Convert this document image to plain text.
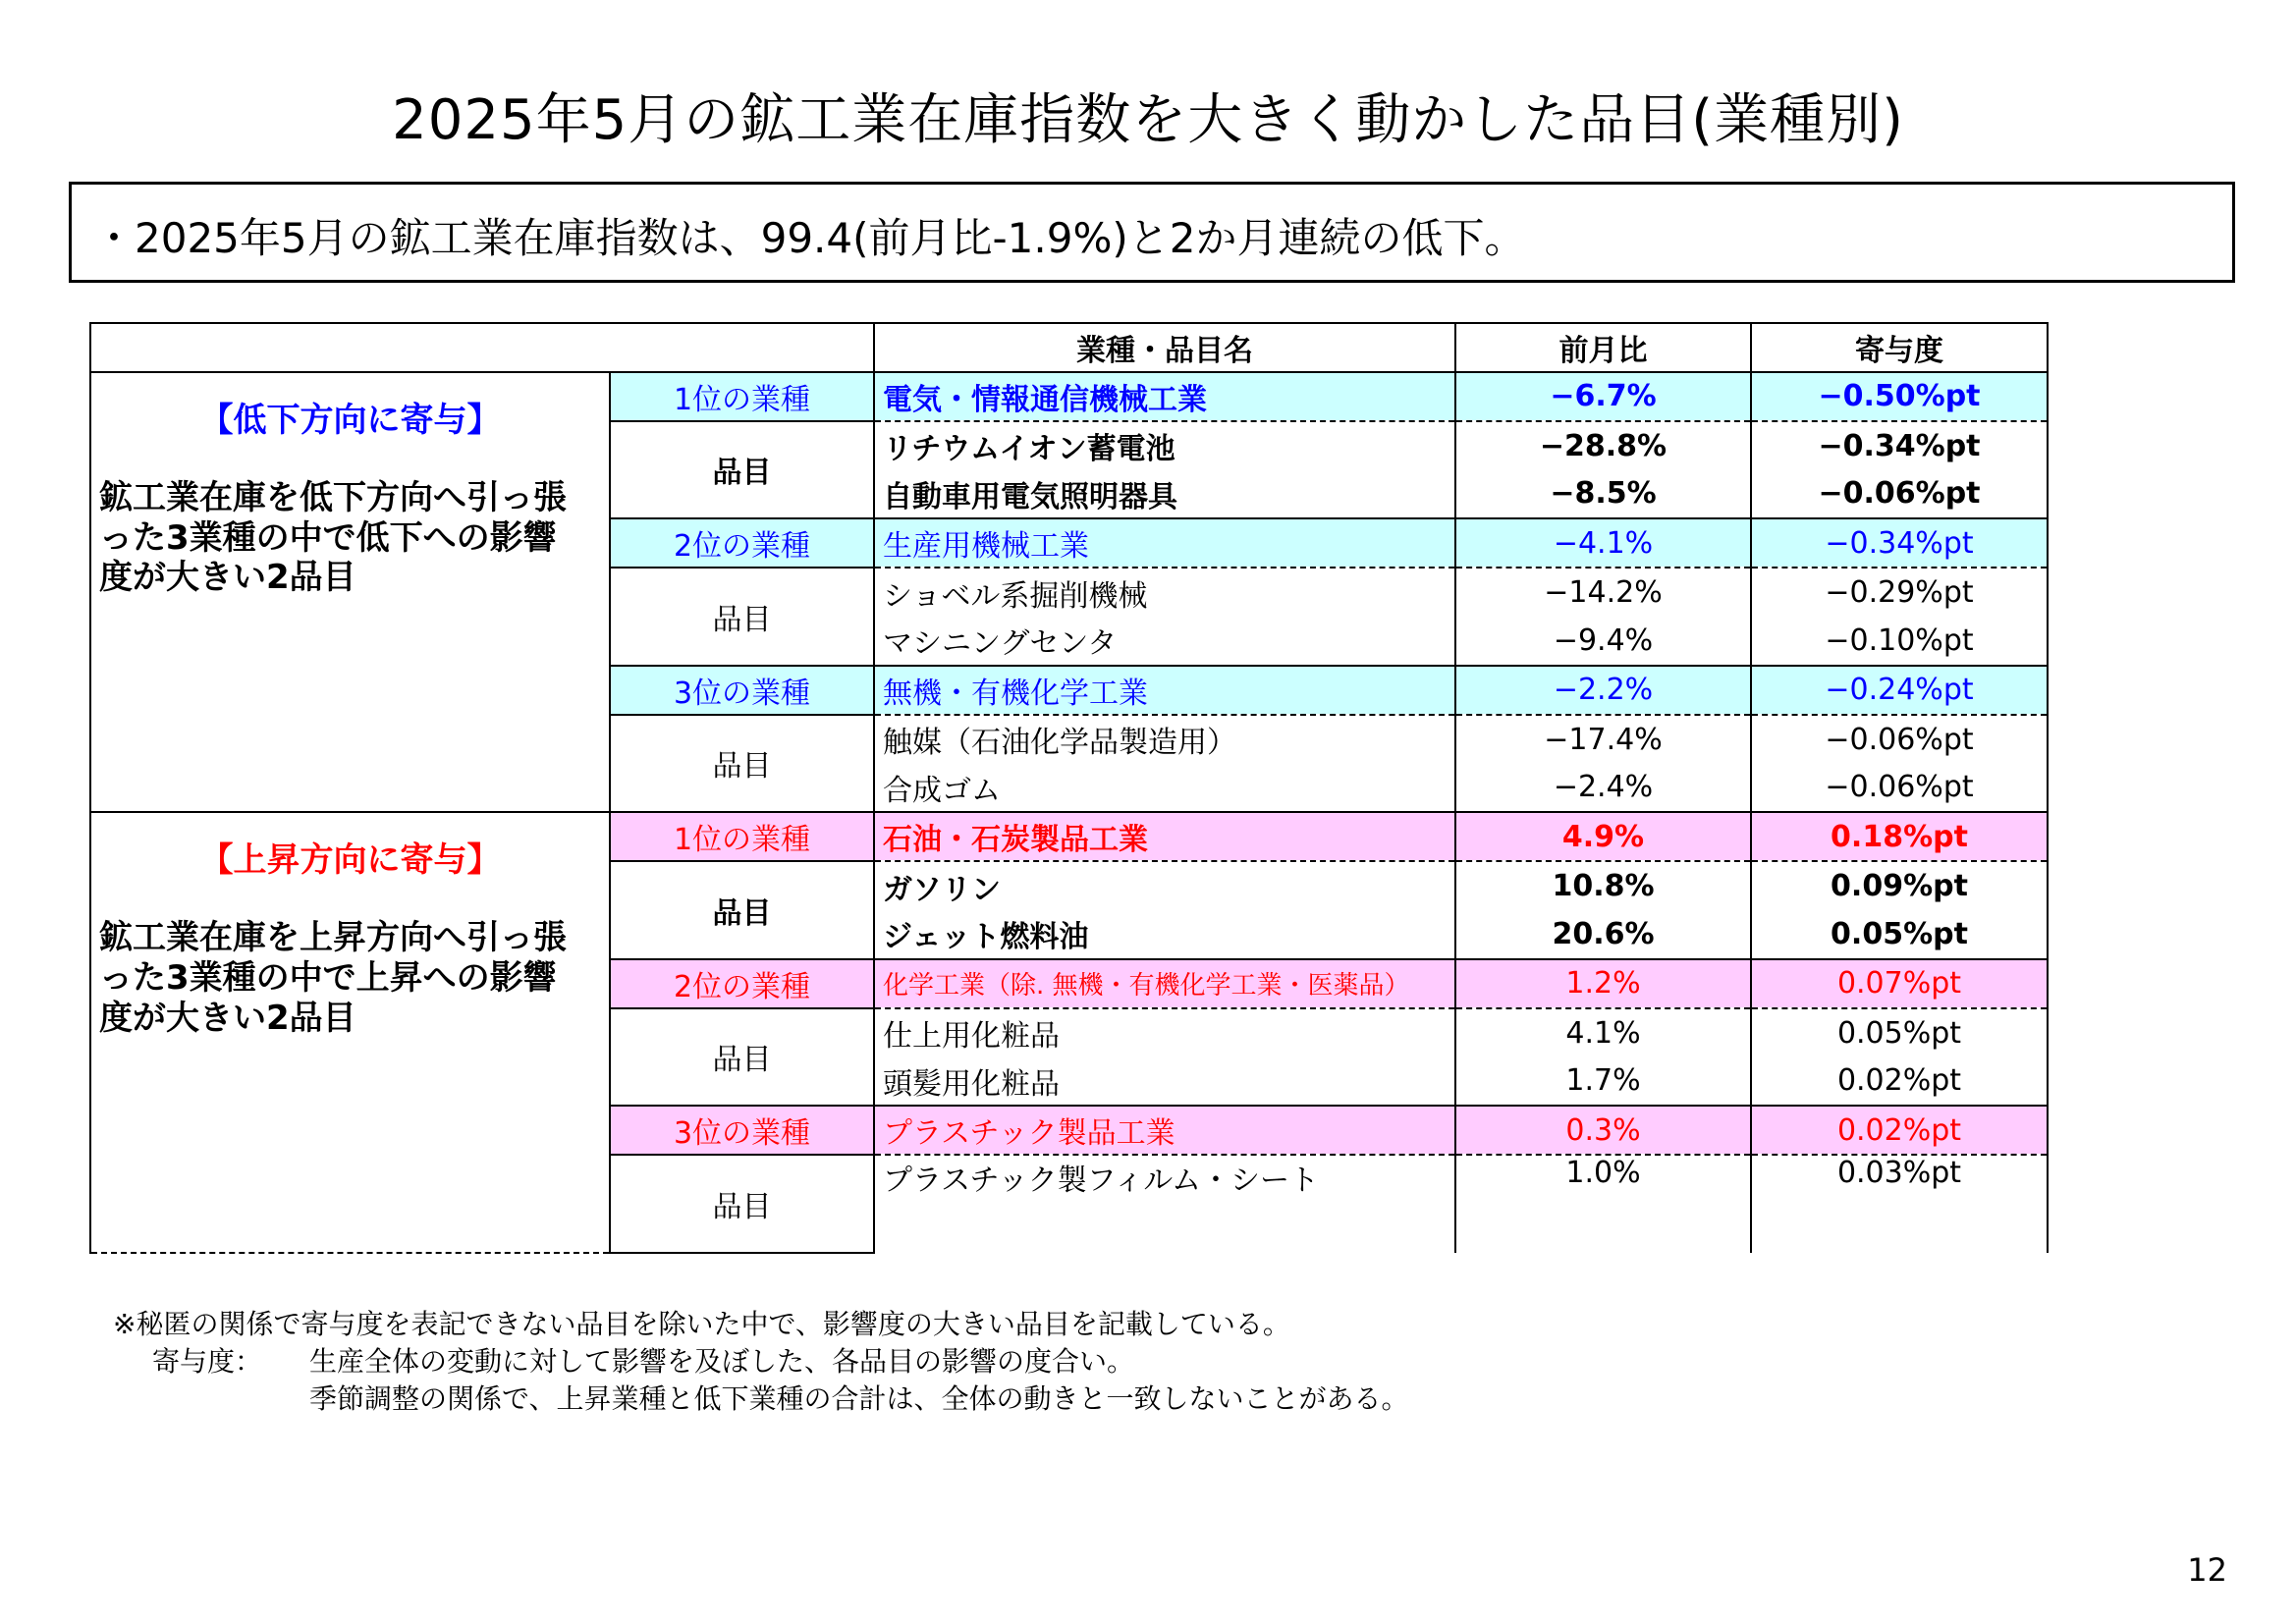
2025年5月の鉱工業在庫指数を大きく動かした品目(業種別)
・2025年5月の鉱工業在庫指数は、99.4(前月比-1.9%)と2か月連続の低下。
		業種・品目名	前月比	寄与度

【低下方向に寄与】
鉱工業在庫を低下方向へ引っ張った3業種の中で低下への影響度が大きい2品目	1位の業種	電気・情報通信機械工業	−6.7%	−0.50%pt
	品目	リチウムイオン蓄電池	−28.8%	−0.34%pt
		自動車用電気照明器具	−8.5%	−0.06%pt
	2位の業種	生産用機械工業	−4.1%	−0.34%pt
	品目	ショベル系掘削機械	−14.2%	−0.29%pt
		マシニングセンタ	−9.4%	−0.10%pt
	3位の業種	無機・有機化学工業	−2.2%	−0.24%pt
	品目	触媒（石油化学品製造用）	−17.4%	−0.06%pt
		合成ゴム	−2.4%	−0.06%pt

【上昇方向に寄与】
鉱工業在庫を上昇方向へ引っ張った3業種の中で上昇への影響度が大きい2品目	1位の業種	石油・石炭製品工業	4.9%	0.18%pt
	品目	ガソリン	10.8%	0.09%pt
		ジェット燃料油	20.6%	0.05%pt
	2位の業種	化学工業（除. 無機・有機化学工業・医薬品）	1.2%	0.07%pt
	品目	仕上用化粧品	4.1%	0.05%pt
		頭髪用化粧品	1.7%	0.02%pt
	3位の業種	プラスチック製品工業	0.3%	0.02%pt
	品目	プラスチック製フィルム・シート	1.0%	0.03%pt

※秘匿の関係で寄与度を表記できない品目を除いた中で、影響度の大きい品目を記載している。
寄与度： 生産全体の変動に対して影響を及ぼした、各品目の影響の度合い。
季節調整の関係で、上昇業種と低下業種の合計は、全体の動きと一致しないことがある。
12
